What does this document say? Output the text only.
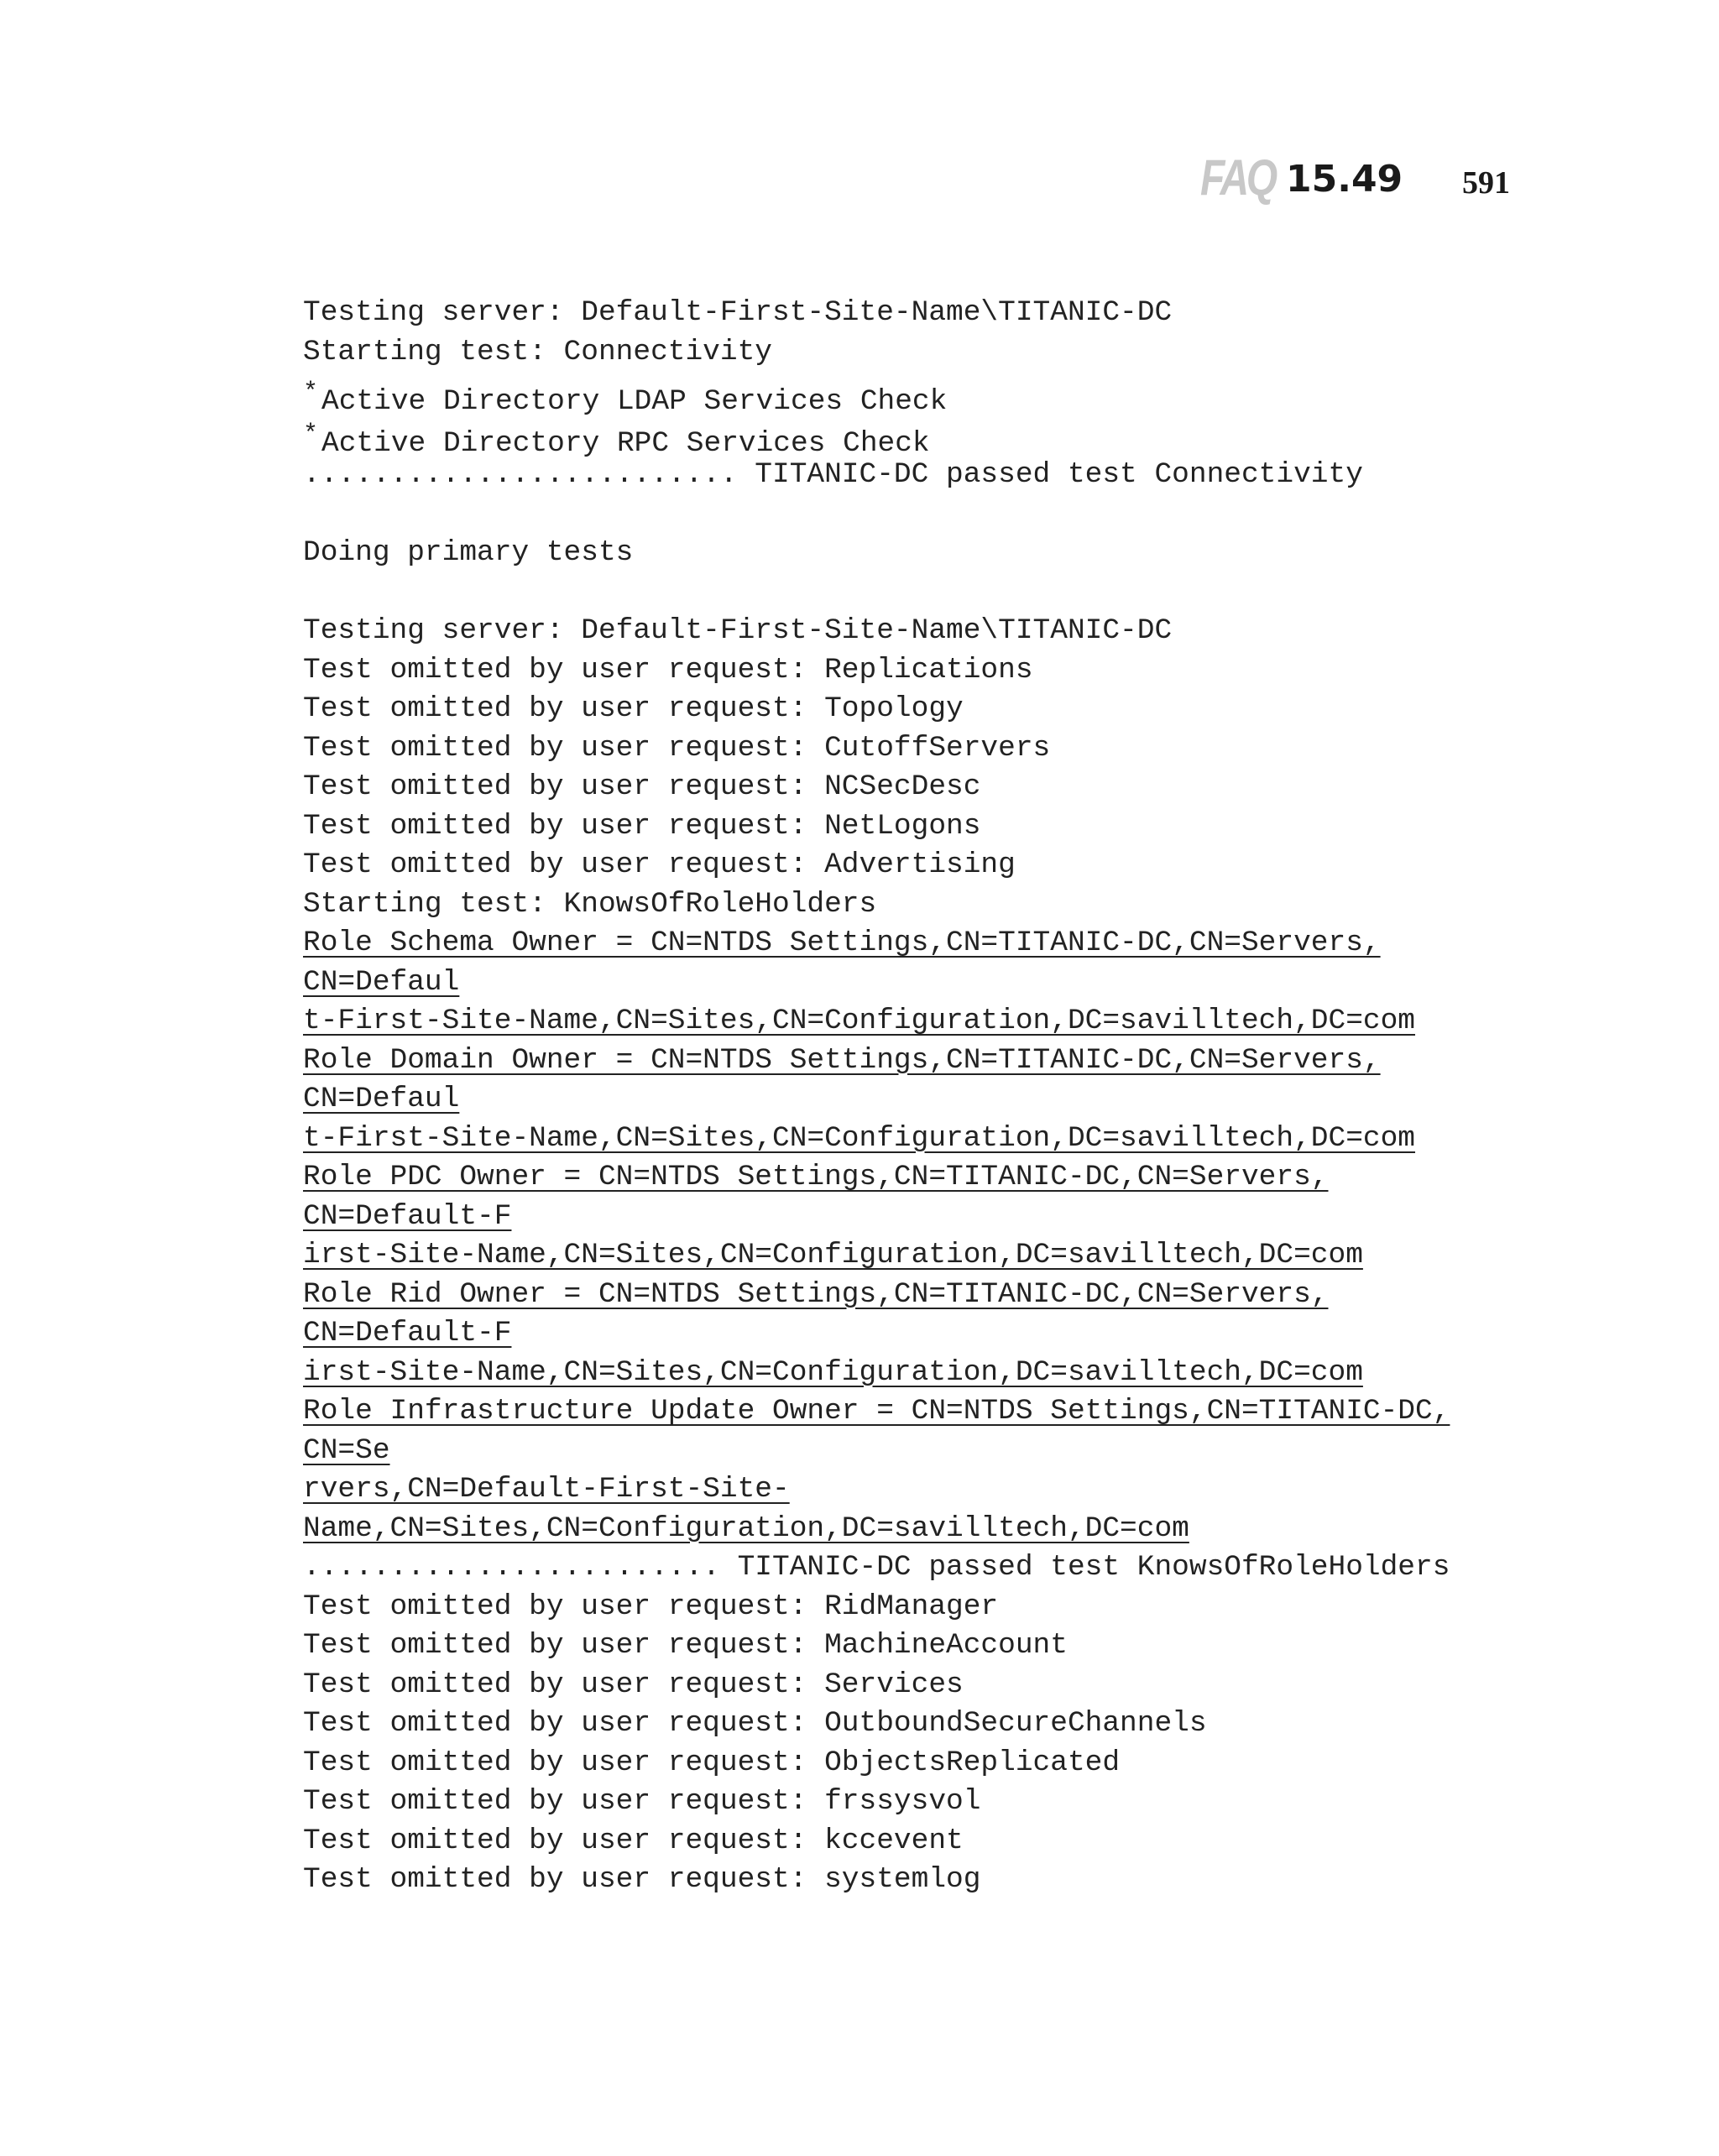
FAQ 15.49 591
Testing server: Default-First-Site-Name\TITANIC-DC
Starting test: Connectivity
* Active Directory LDAP Services Check
* Active Directory RPC Services Check
......................... TITANIC-DC passed test Connectivity
Doing primary tests
Testing server: Default-First-Site-Name\TITANIC-DC
Test omitted by user request: Replications
Test omitted by user request: Topology
Test omitted by user request: CutoffServers
Test omitted by user request: NCSecDesc
Test omitted by user request: NetLogons
Test omitted by user request: Advertising
Starting test: KnowsOfRoleHolders
Role Schema Owner = CN=NTDS Settings,CN=TITANIC-DC,CN=Servers,
CN=Defaul
t-First-Site-Name,CN=Sites,CN=Configuration,DC=savilltech,DC=com
Role Domain Owner = CN=NTDS Settings,CN=TITANIC-DC,CN=Servers,
CN=Defaul
t-First-Site-Name,CN=Sites,CN=Configuration,DC=savilltech,DC=com
Role PDC Owner = CN=NTDS Settings,CN=TITANIC-DC,CN=Servers,
CN=Default-F
irst-Site-Name,CN=Sites,CN=Configuration,DC=savilltech,DC=com
Role Rid Owner = CN=NTDS Settings,CN=TITANIC-DC,CN=Servers,
CN=Default-F
irst-Site-Name,CN=Sites,CN=Configuration,DC=savilltech,DC=com
Role Infrastructure Update Owner = CN=NTDS Settings,CN=TITANIC-DC,
CN=Se
rvers,CN=Default-First-Site-
Name,CN=Sites,CN=Configuration,DC=savilltech,DC=com
........................ TITANIC-DC passed test KnowsOfRoleHolders
Test omitted by user request: RidManager
Test omitted by user request: MachineAccount
Test omitted by user request: Services
Test omitted by user request: OutboundSecureChannels
Test omitted by user request: ObjectsReplicated
Test omitted by user request: frssysvol
Test omitted by user request: kccevent
Test omitted by user request: systemlog
